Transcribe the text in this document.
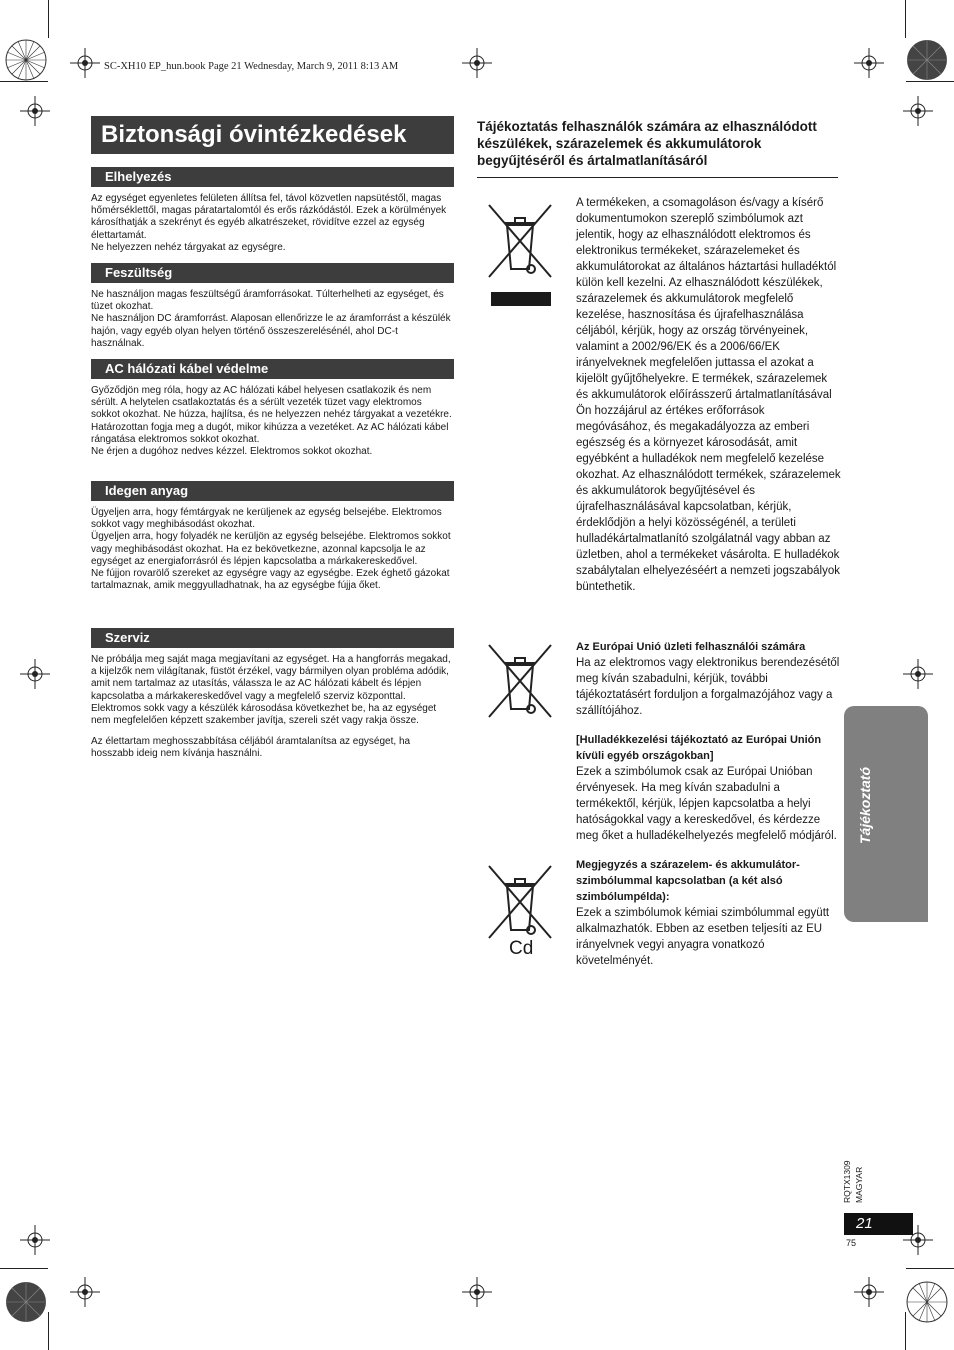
SC-XH10 EP_hun.book Page 21 Wednesday, March 9, 2011 8:13 AM
Biztonsági óvintézkedések
Elhelyezés

Az egységet egyenletes felületen állítsa fel, távol közvetlen napsütéstől, magas hőmérséklettől, magas páratartalomtól és erős rázkódástól. Ezek a körülmények károsíthatják a szekrényt és egyéb alkatrészeket, rövidítve ezzel az egység élettartamát.

Ne helyezzen nehéz tárgyakat az egységre.

Feszültség

Ne használjon magas feszültségű áramforrásokat. Túlterhelheti az egységet, és tüzet okozhat.

Ne használjon DC áramforrást. Alaposan ellenőrizze le az áramforrást a készülék hajón, vagy egyéb olyan helyen történő összeszerelésénél, ahol DC-t használnak.

AC hálózati kábel védelme

Győződjön meg róla, hogy az AC hálózati kábel helyesen csatlakozik és nem sérült. A helytelen csatlakoztatás és a sérült vezeték tüzet vagy elektromos sokkot okozhat. Ne húzza, hajlítsa, és ne helyezzen nehéz tárgyakat a vezetékre.

Határozottan fogja meg a dugót, mikor kihúzza a vezetéket. Az AC hálózati kábel rángatása elektromos sokkot okozhat.

Ne érjen a dugóhoz nedves kézzel. Elektromos sokkot okozhat.

Idegen anyag

Ügyeljen arra, hogy fémtárgyak ne kerüljenek az egység belsejébe. Elektromos sokkot vagy meghibásodást okozhat.

Ügyeljen arra, hogy folyadék ne kerüljön az egység belsejébe. Elektromos sokkot vagy meghibásodást okozhat. Ha ez bekövetkezne, azonnal kapcsolja le az egységet az energiaforrásról és lépjen kapcsolatba a márkakereskedővel.

Ne fújjon rovarölő szereket az egységre vagy az egységbe. Ezek éghető gázokat tartalmaznak, amik meggyulladhatnak, ha az egységbe fújja őket.

Szerviz

Ne próbálja meg saját maga megjavítani az egységet. Ha a hangforrás megakad, a kijelzők nem világítanak, füstöt érzékel, vagy bármilyen olyan probléma adódik, amit nem tartalmaz az utasítás, válassza le az AC hálózati kábelt és lépjen kapcsolatba a márkakereskedővel vagy a megfelelő szerviz központtal. Elektromos sokk vagy a készülék károsodása következhet be, ha az egységet nem megfelelően képzett szakember javítja, szereli szét vagy rakja össze.

Az élettartam meghosszabbítása céljából áramtalanítsa az egységet, ha hosszabb ideig nem kívánja használni.

Tájékoztatás felhasználók számára az elhasználódott készülékek, szárazelemek és akkumulátorok begyűjtéséről és ártalmatlanításáról

A termékeken, a csomagoláson és/vagy a kísérő dokumentumokon szereplő szimbólumok azt jelentik, hogy az elhasználódott elektromos és elektronikus termékeket, szárazelemeket és akkumulátorokat az általános háztartási hulladéktól külön kell kezelni. Az elhasználódott készülékek, szárazelemek és akkumulátorok megfelelő kezelése, hasznosítása és újrafelhasználása céljából, kérjük, hogy az ország törvényeinek, valamint a 2002/96/EK és a 2006/66/EK irányelveknek megfelelően juttassa el azokat a kijelölt gyűjtőhelyekre. E termékek, szárazelemek és akkumulátorok előírásszerű ártalmatlanításával Ön hozzájárul az értékes erőforrások megóvásához, és megakadályozza az emberi egészség és a környezet károsodását, amit egyébként a hulladékok nem megfelelő kezelése okozhat. Az elhasználódott termékek, szárazelemek és akkumulátorok begyűjtésével és újrafelhasználásával kapcsolatban, kérjük, érdeklődjön a helyi közösségénél, a területi hulladékártalmatlanító szolgálatnál vagy abban az üzletben, ahol a termékeket vásárolta. E hulladékok szabálytalan elhelyezéséért a nemzeti jogszabályok büntethetik.

Az Európai Unió üzleti felhasználói számára

Ha az elektromos vagy elektronikus berendezésétől meg kíván szabadulni, kérjük, további tájékoztatásért forduljon a forgalmazójához vagy a szállítójához.

[Hulladékkezelési tájékoztató az Európai Unión kívüli egyéb országokban]

Ezek a szimbólumok csak az Európai Unióban érvényesek. Ha meg kíván szabadulni a termékektől, kérjük, lépjen kapcsolatba a helyi hatóságokkal vagy a kereskedővel, és kérdezze meg őket a hulladékelhelyezés megfelelő módjáról.

Cd

Megjegyzés a szárazelem- és akkumulátor-szimbólummal kapcsolatban (a két alsó szimbólumpélda):

Ezek a szimbólumok kémiai szimbólummal együtt alkalmazhatók. Ebben az esetben teljesíti az EU irányelvnek vegyi anyagra vonatkozó követelményét.

Tájékoztató
RQTX1309 MAGYAR
21
75
